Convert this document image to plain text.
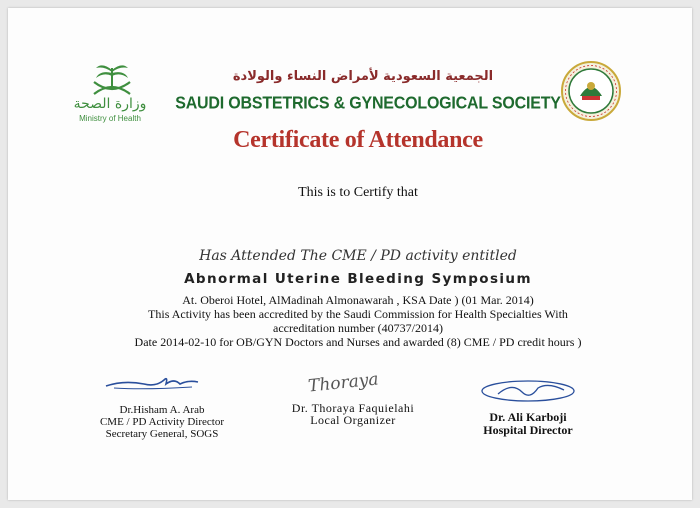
وزارة الصحة
Ministry of Health
الجمعية السعودية لأمراض النساء والولادة
SAUDI OBSTETRICS & GYNECOLOGICAL SOCIETY
Certificate of Attendance
This is to Certify that
Has Attended The CME / PD activity entitled
Abnormal Uterine Bleeding Symposium
At. Oberoi Hotel, AlMadinah Almonawarah , KSA Date ) (01 Mar. 2014)
This Activity has been accredited by the Saudi Commission for Health Specialties With
accreditation number (40737/2014)
Date 2014-02-10 for OB/GYN Doctors and Nurses and awarded (8) CME / PD credit hours )
Dr.Hisham A. Arab
CME / PD Activity Director
Secretary General, SOGS
Thoraya
Dr. Thoraya Faquielahi
Local Organizer	Dr. Ali Karboji
Hospital Director
